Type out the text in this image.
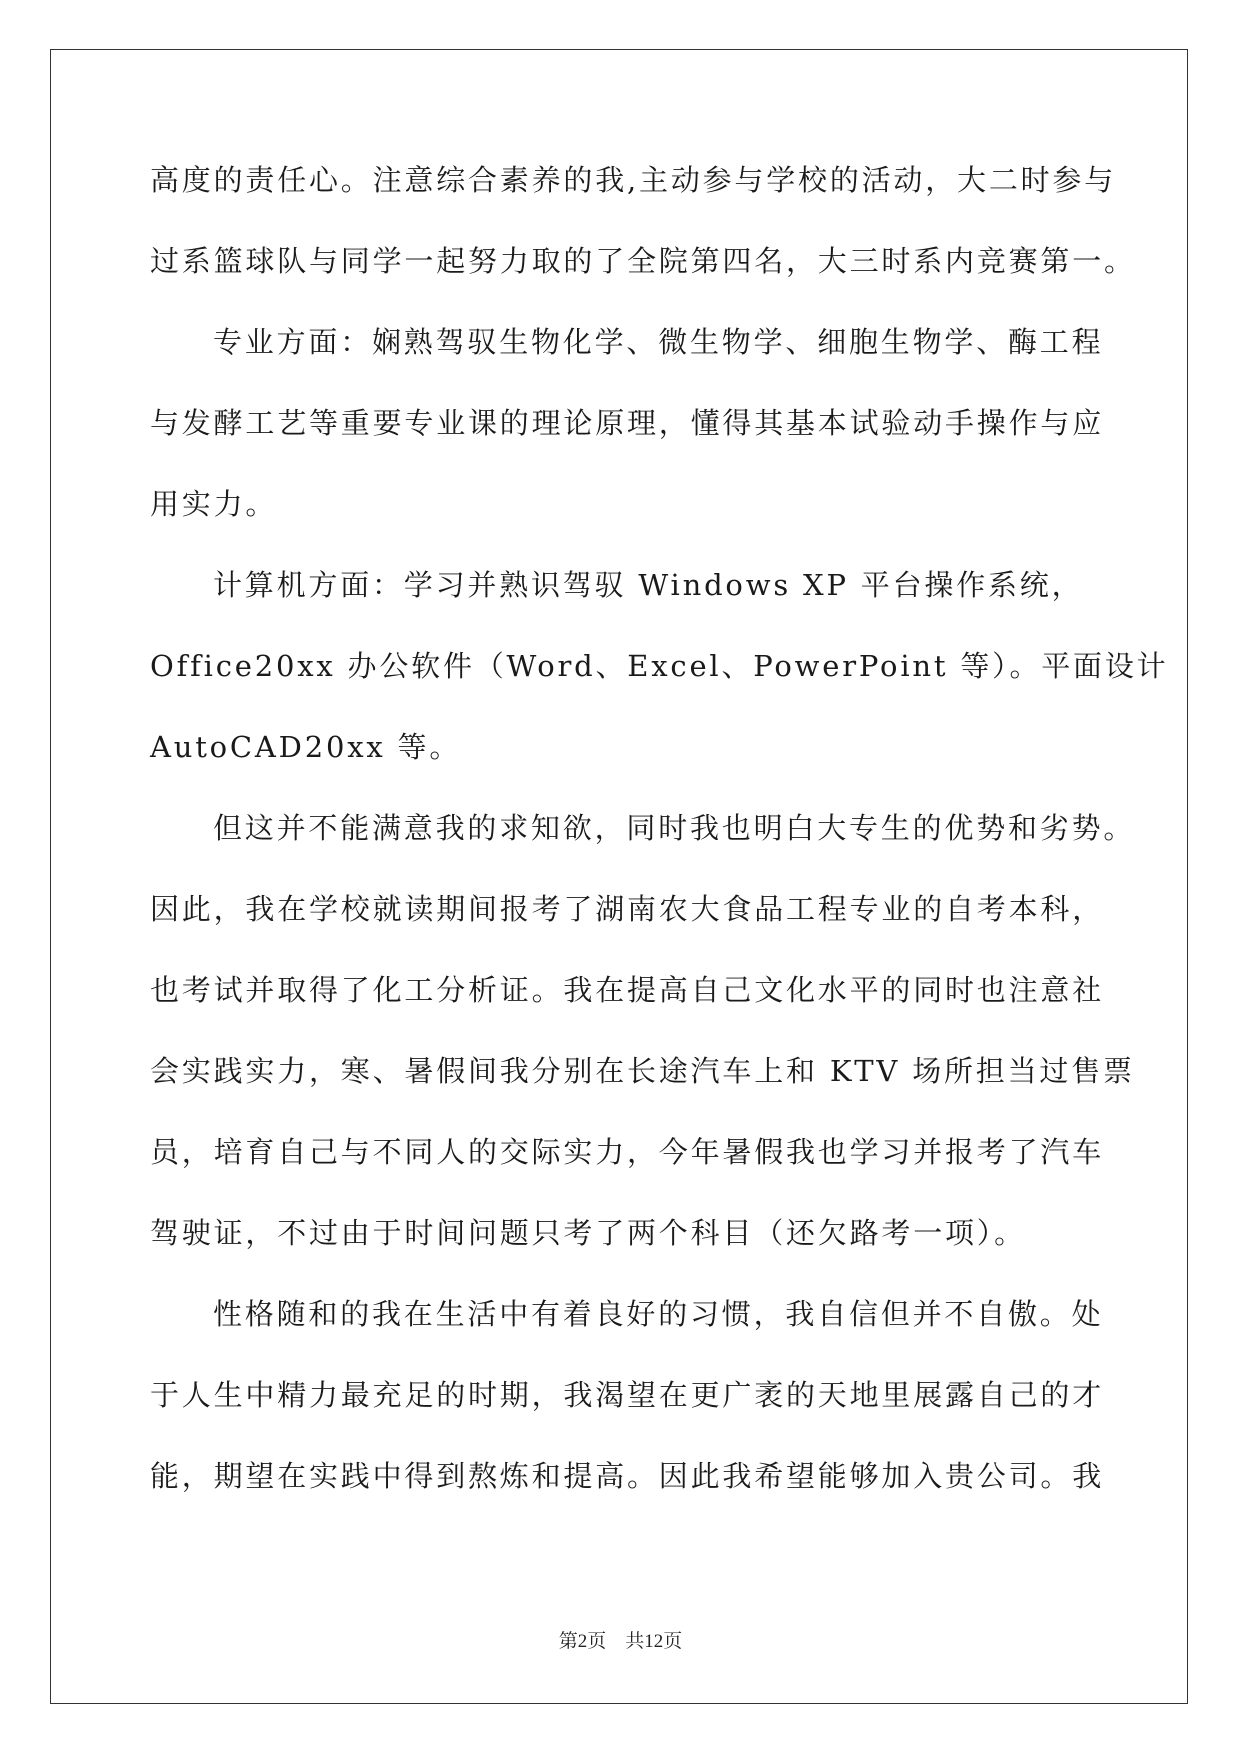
高度的责任心。注意综合素养的我,主动参与学校的活动，大二时参与
过系篮球队与同学一起努力取的了全院第四名，大三时系内竞赛第一。
专业方面：娴熟驾驭生物化学、微生物学、细胞生物学、酶工程
与发酵工艺等重要专业课的理论原理，懂得其基本试验动手操作与应
用实力。
计算机方面：学习并熟识驾驭 Windows XP 平台操作系统，
Office20xx 办公软件（Word、Excel、PowerPoint 等）。平面设计
AutoCAD20xx 等。
但这并不能满意我的求知欲，同时我也明白大专生的优势和劣势。
因此，我在学校就读期间报考了湖南农大食品工程专业的自考本科，
也考试并取得了化工分析证。我在提高自己文化水平的同时也注意社
会实践实力，寒、暑假间我分别在长途汽车上和 KTV 场所担当过售票
员，培育自己与不同人的交际实力，今年暑假我也学习并报考了汽车
驾驶证，不过由于时间问题只考了两个科目（还欠路考一项）。
性格随和的我在生活中有着良好的习惯，我自信但并不自傲。处
于人生中精力最充足的时期，我渴望在更广袤的天地里展露自己的才
能，期望在实践中得到熬炼和提高。因此我希望能够加入贵公司。我
第2页　共12页
